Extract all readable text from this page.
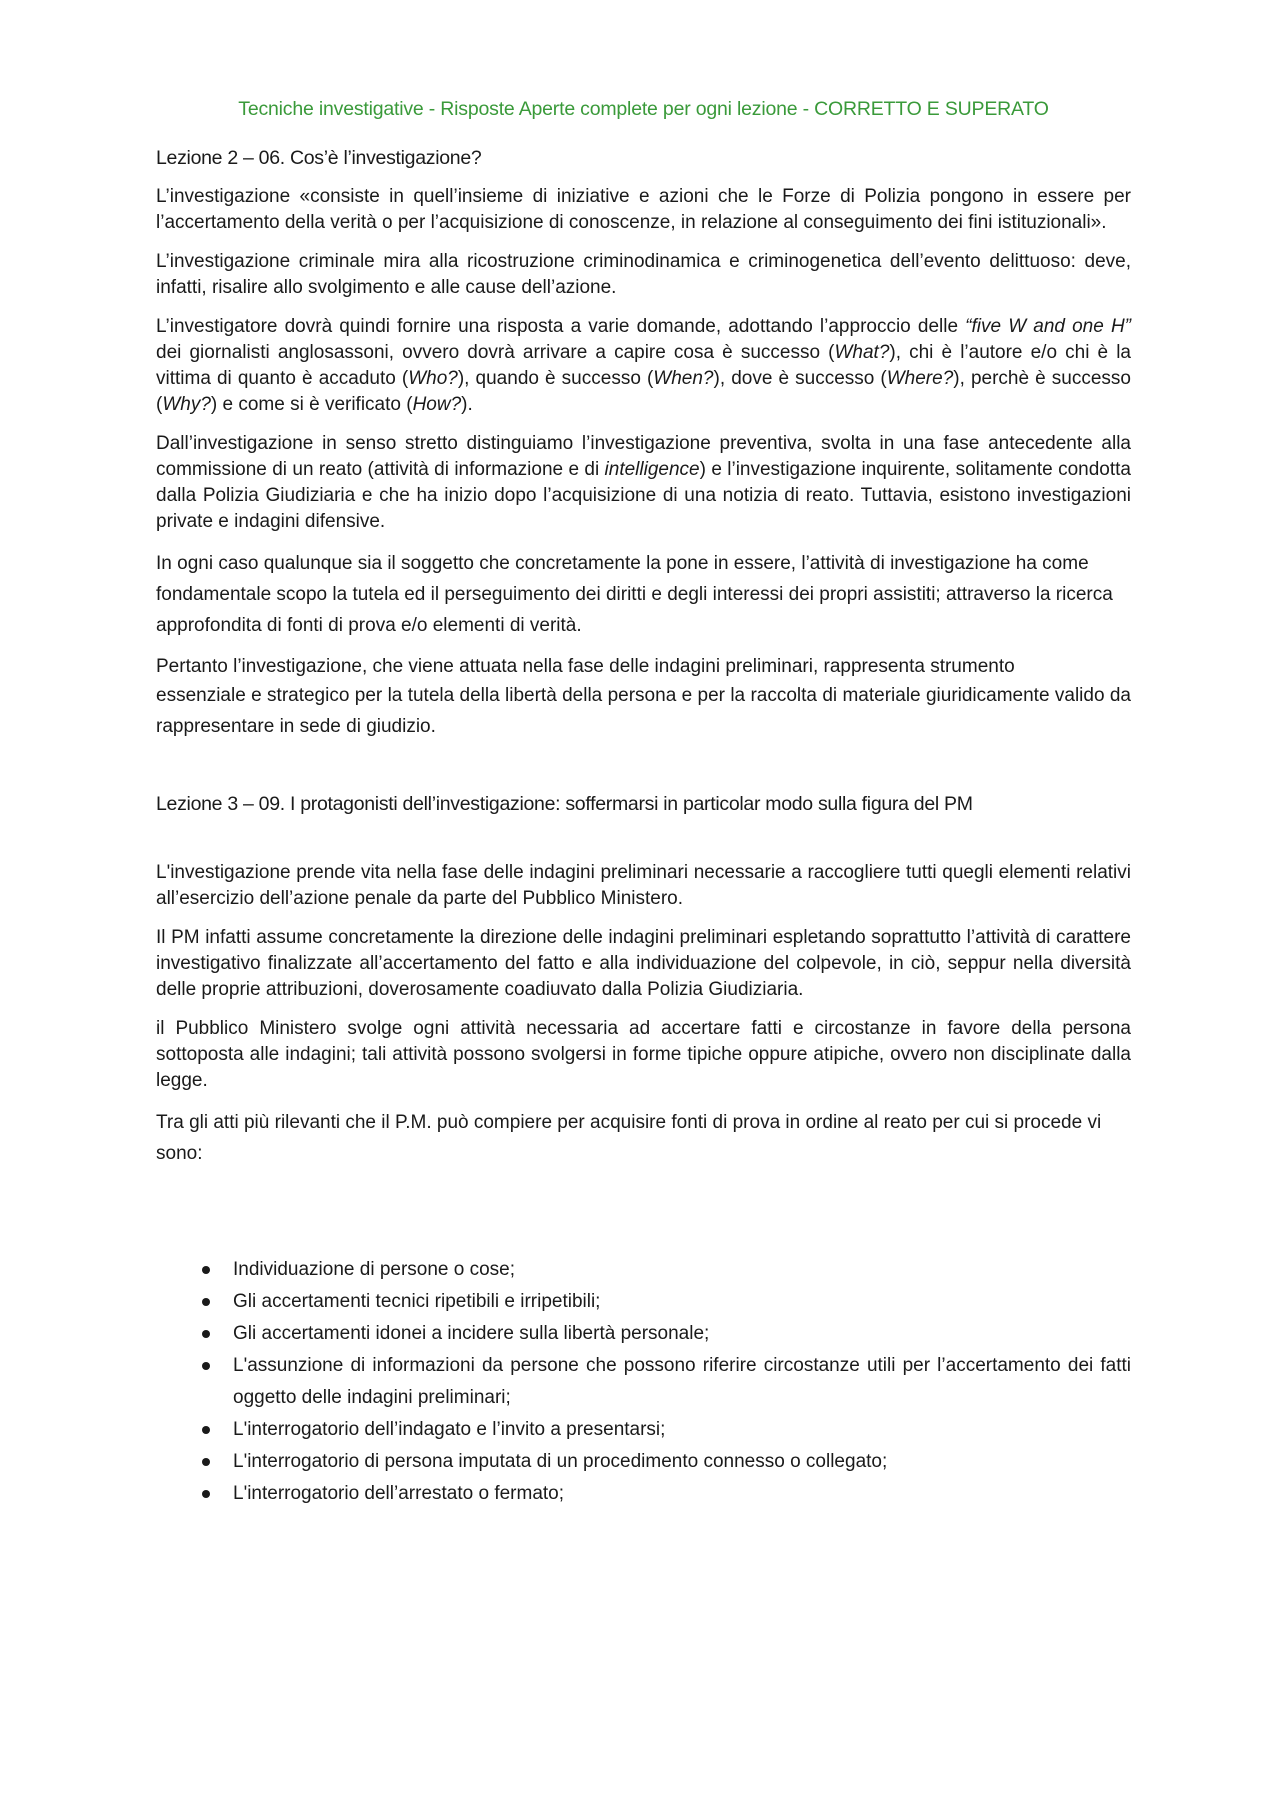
Tecniche investigative - Risposte Aperte complete per ogni lezione - CORRETTO E SUPERATO
Lezione 2 – 06. Cos’è l’investigazione?

L’investigazione «consiste in quell’insieme di iniziative e azioni che le Forze di Polizia pongono in essere per l’accertamento della verità o per l’acquisizione di conoscenze, in relazione al conseguimento dei fini istituzionali».

L’investigazione criminale mira alla ricostruzione criminodinamica e criminogenetica dell’evento delittuoso: deve, infatti, risalire allo svolgimento e alle cause dell’azione.

L’investigatore dovrà quindi fornire una risposta a varie domande, adottando l’approccio delle “five W and one H” dei giornalisti anglosassoni, ovvero dovrà arrivare a capire cosa è successo (What?), chi è l’autore e/o chi è la vittima di quanto è accaduto (Who?), quando è successo (When?), dove è successo (Where?), perchè è successo (Why?) e come si è verificato (How?).

Dall’investigazione in senso stretto distinguiamo l’investigazione preventiva, svolta in una fase antecedente alla commissione di un reato (attività di informazione e di intelligence) e l’investigazione inquirente, solitamente condotta dalla Polizia Giudiziaria e che ha inizio dopo l’acquisizione di una notizia di reato. Tuttavia, esistono investigazioni private e indagini difensive.

In ogni caso qualunque sia il soggetto che concretamente la pone in essere, l’attività di investigazione ha come fondamentale scopo la tutela ed il perseguimento dei diritti e degli interessi dei propri assistiti; attraverso la ricerca approfondita di fonti di prova e/o elementi di verità.

Pertanto l’investigazione, che viene attuata nella fase delle indagini preliminari, rappresenta strumento

essenziale e strategico per la tutela della libertà della persona e per la raccolta di materiale giuridicamente valido da rappresentare in sede di giudizio.

Lezione 3 – 09. I protagonisti dell’investigazione: soffermarsi in particolar modo sulla figura del PM

L'investigazione prende vita nella fase delle indagini preliminari necessarie a raccogliere tutti quegli elementi relativi all’esercizio dell’azione penale da parte del Pubblico Ministero.

Il PM infatti assume concretamente la direzione delle indagini preliminari espletando soprattutto l’attività di carattere investigativo finalizzate all’accertamento del fatto e alla individuazione del colpevole, in ciò, seppur nella diversità delle proprie attribuzioni, doverosamente coadiuvato dalla Polizia Giudiziaria.

il Pubblico Ministero svolge ogni attività necessaria ad accertare fatti e circostanze in favore della persona sottoposta alle indagini; tali attività possono svolgersi in forme tipiche oppure atipiche, ovvero non disciplinate dalla legge.

Tra gli atti più rilevanti che il P.M. può compiere per acquisire fonti di prova in ordine al reato per cui si procede vi sono:

Individuazione di persone o cose;
Gli accertamenti tecnici ripetibili e irripetibili;
Gli accertamenti idonei a incidere sulla libertà personale;
L'assunzione di informazioni da persone che possono riferire circostanze utili per l’accertamento dei fatti oggetto delle indagini preliminari;
L'interrogatorio dell’indagato e l’invito a presentarsi;
L'interrogatorio di persona imputata di un procedimento connesso o collegato;
L'interrogatorio dell’arrestato o fermato;
